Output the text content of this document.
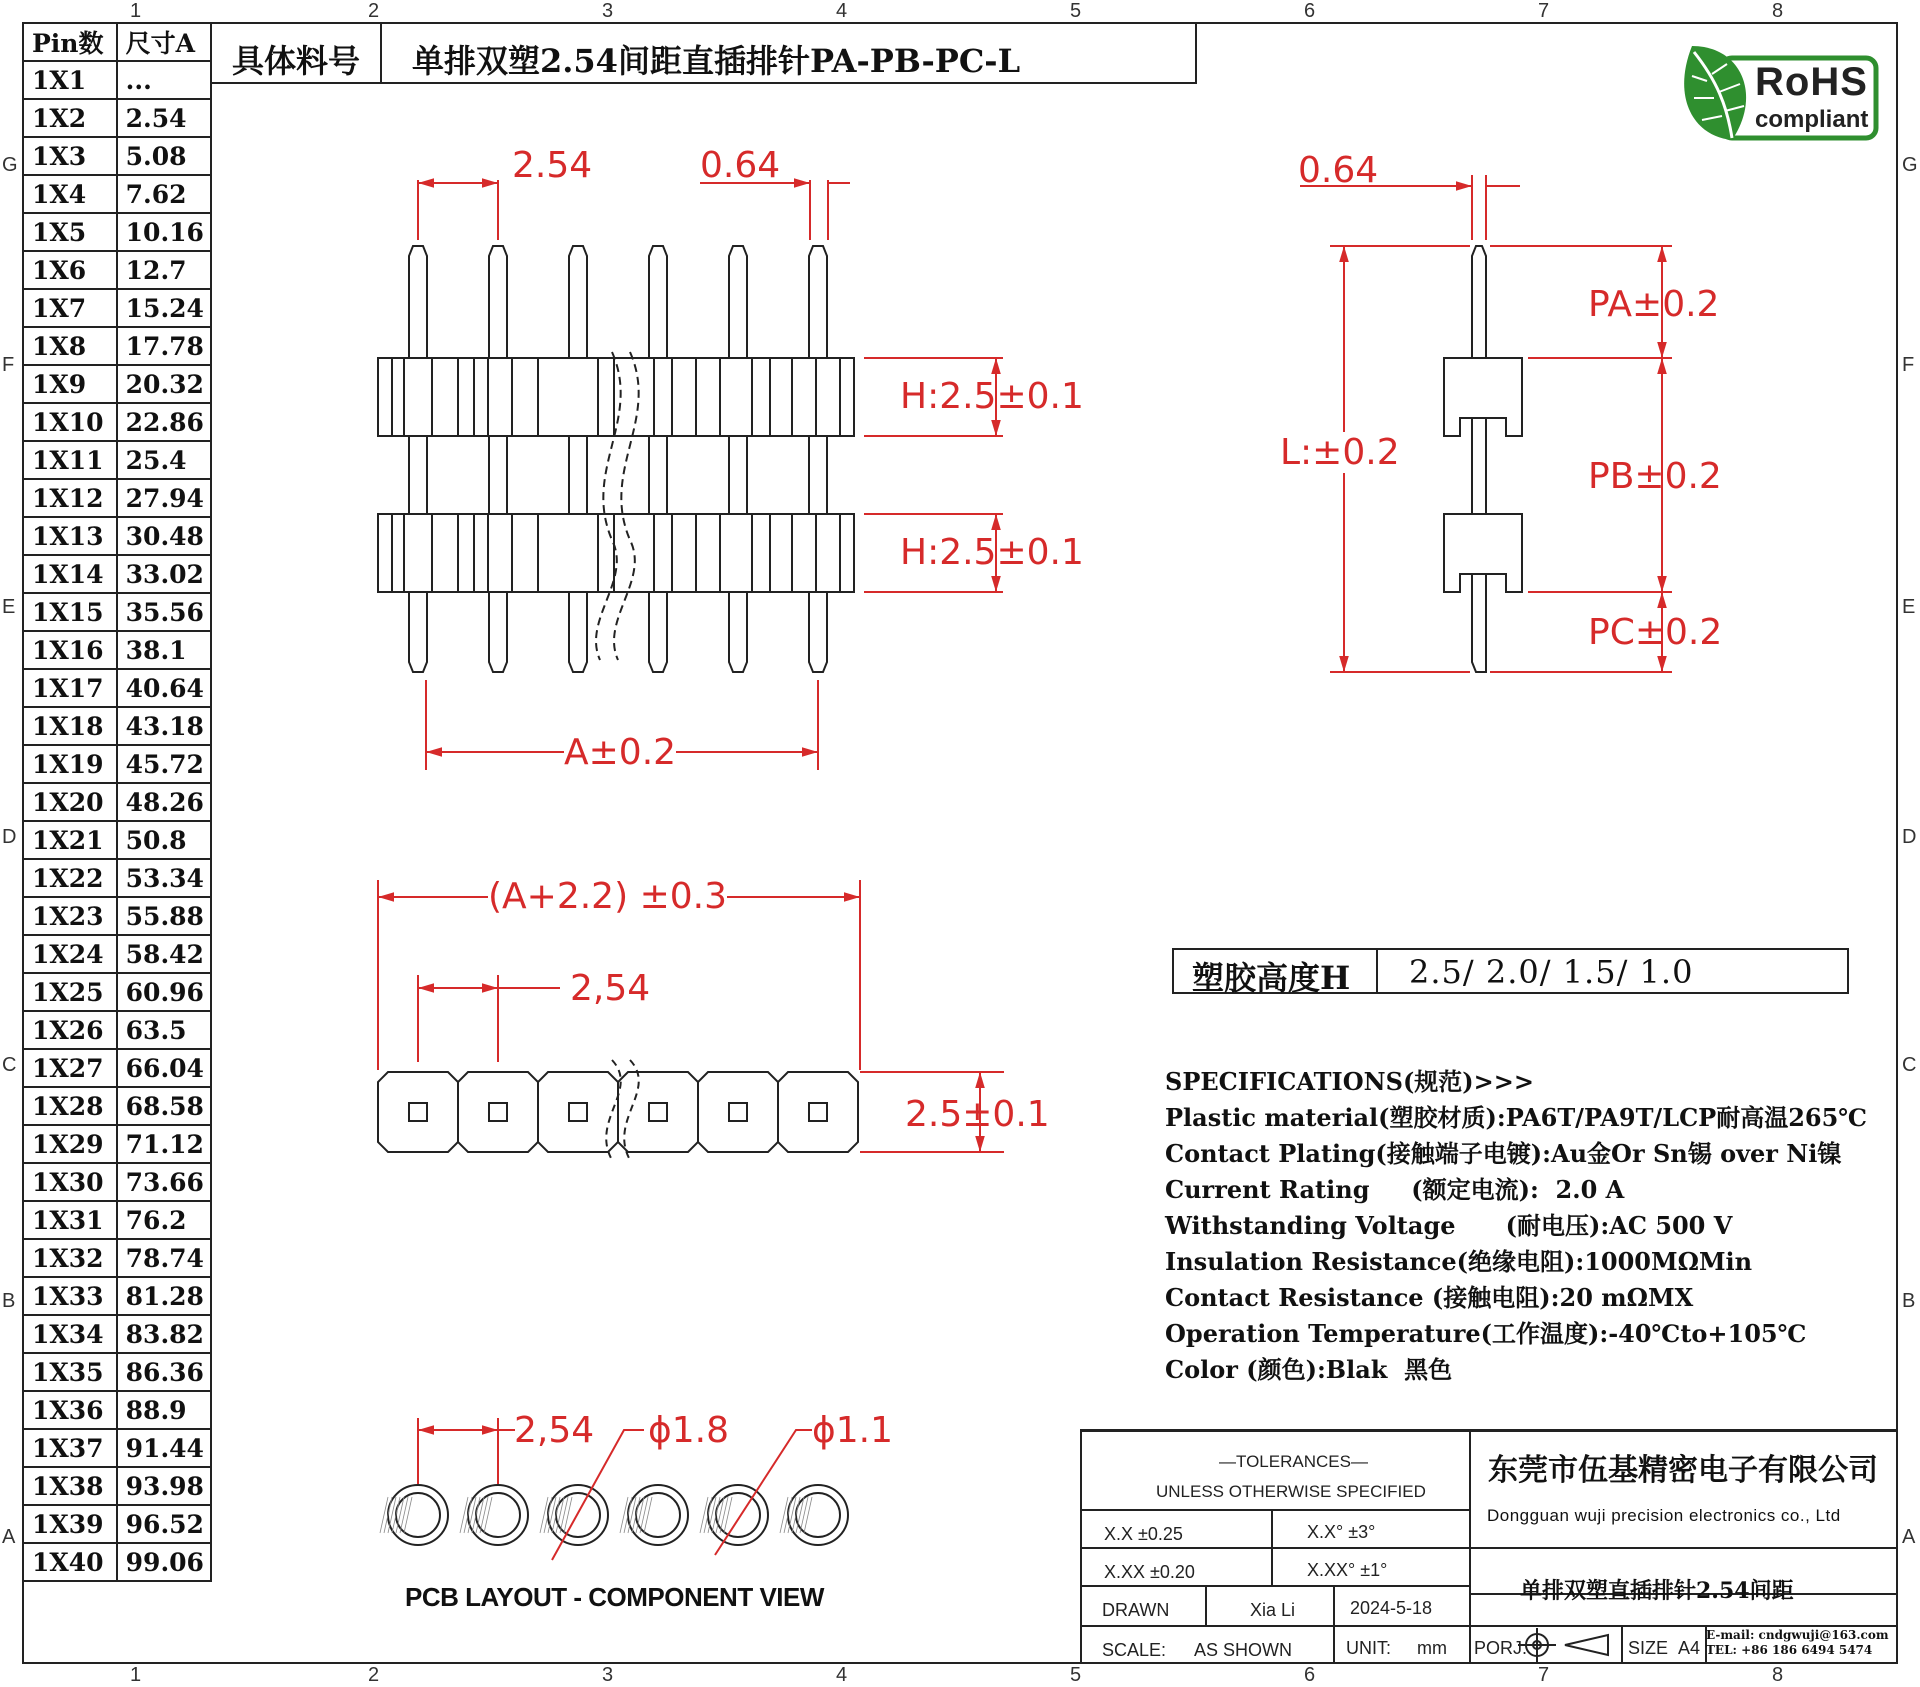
1
1
2
2
3
3
4
4
5
5
6
6
7
7
8
8
G	G
F	F
E	E
D	D
C	C
B	B
A	A
Pin数	尺寸A
1X1	...
1X2	2.54
1X3	5.08
1X4	7.62
1X5	10.16
1X6	12.7
1X7	15.24
1X8	17.78
1X9	20.32
1X10	22.86
1X11	25.4
1X12	27.94
1X13	30.48
1X14	33.02
1X15	35.56
1X16	38.1
1X17	40.64
1X18	43.18
1X19	45.72
1X20	48.26
1X21	50.8
1X22	53.34
1X23	55.88
1X24	58.42
1X25	60.96
1X26	63.5
1X27	66.04
1X28	68.58
1X29	71.12
1X30	73.66
1X31	76.2
1X32	78.74
1X33	81.28
1X34	83.82
1X35	86.36
1X36	88.9
1X37	91.44
1X38	93.98
1X39	96.52
1X40	99.06
具体料号 单排双塑2.54间距直插排针PA-PB-PC-L	RoHS
compliant
2.54	0.64
H:2.5±0.1
H:2.5±0.1
A±0.2
0.64
PA±0.2
PB±0.2
PC±0.2
L:±0.2
(A+2.2) ±0.3
2,54
2.5±0.1
2,54 ϕ1.8 ϕ1.1
PCB LAYOUT - COMPONENT VIEW
塑胶高度H 2.5/ 2.0/ 1.5/ 1.0
SPECIFICATIONS(规范)>>>
Plastic material(塑胶材质):PA6T/PA9T/LCP耐高温265℃
Contact Plating(接触端子电镀):Au金Or Sn锡 over Ni镍
Current Rating     (额定电流):  2.0 A
Withstanding Voltage      (耐电压):AC 500 V
Insulation Resistance(绝缘电阻):1000MΩMin
Contact Resistance (接触电阻):20 mΩMX
Operation Temperature(工作温度):-40℃to+105℃
Color (颜色):Blak  黑色
—TOLERANCES—
UNLESS OTHERWISE SPECIFIED
X.X ±0.25	X.X° ±3°
X.XX ±0.20	X.XX° ±1°
DRAWN	Xia Li	2024-5-18
SCALE: AS SHOWN	UNIT: mm PORJ.	SIZE A4
东莞市伍基精密电子有限公司
Dongguan wuji precision electronics co., Ltd
单排双塑直插排针2.54间距
E-mail: cndgwuji@163.com
TEL: +86 186 6494 5474
